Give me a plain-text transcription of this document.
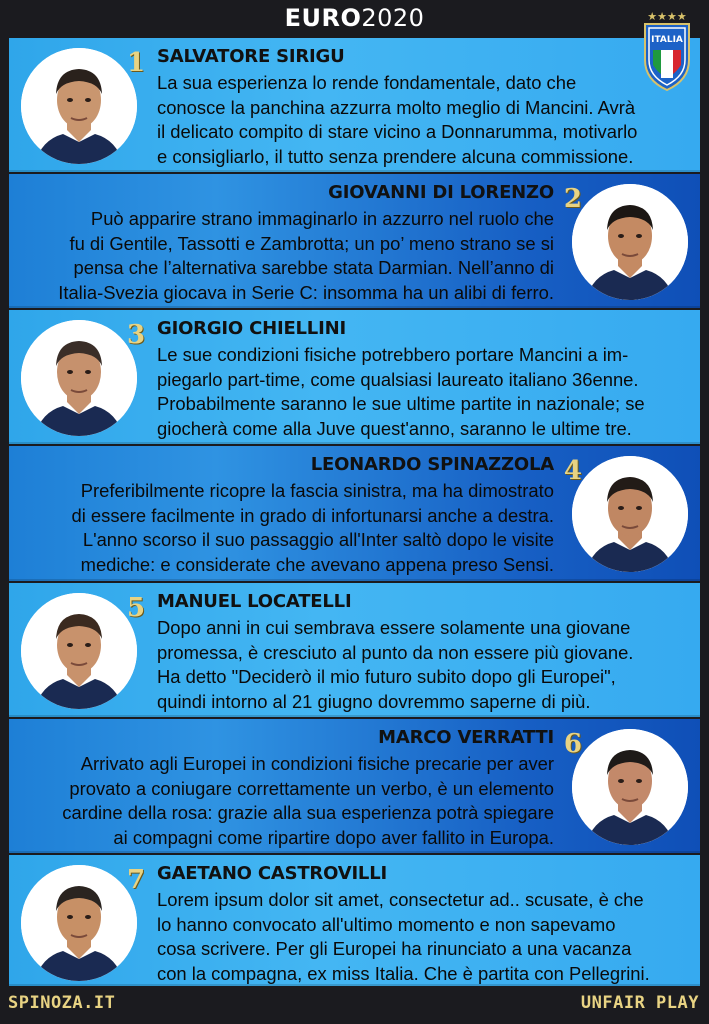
EURO2020	★★★★
ITALIA
1 SALVATORE SIRIGU
La sua esperienza lo rende fondamentale, dato che
conosce la panchina azzurra molto meglio di Mancini. Avrà
il delicato compito di stare vicino a Donnarumma, motivarlo
e consigliarlo, il tutto senza prendere alcuna commissione.
2
GIOVANNI DI LORENZO
Può apparire strano immaginarlo in azzurro nel ruolo che
fu di Gentile, Tassotti e Zambrotta; un po’ meno strano se si
pensa che l’alternativa sarebbe stata Darmian. Nell’anno di
Italia-Svezia giocava in Serie C: insomma ha un alibi di ferro.
3 GIORGIO CHIELLINI
Le sue condizioni fisiche potrebbero portare Mancini a im-
piegarlo part-time, come qualsiasi laureato italiano 36enne.
Probabilmente saranno le sue ultime partite in nazionale; se
giocherà come alla Juve quest'anno, saranno le ultime tre.
4
LEONARDO SPINAZZOLA
Preferibilmente ricopre la fascia sinistra, ma ha dimostrato
di essere facilmente in grado di infortunarsi anche a destra.
L'anno scorso il suo passaggio all'Inter saltò dopo le visite
mediche: e considerate che avevano appena preso Sensi.
5 MANUEL LOCATELLI
Dopo anni in cui sembrava essere solamente una giovane
promessa, è cresciuto al punto da non essere più giovane.
Ha detto "Deciderò il mio futuro subito dopo gli Europei",
quindi intorno al 21 giugno dovremmo saperne di più.
6
MARCO VERRATTI
Arrivato agli Europei in condizioni fisiche precarie per aver
provato a coniugare correttamente un verbo, è un elemento
cardine della rosa: grazie alla sua esperienza potrà spiegare
ai compagni come ripartire dopo aver fallito in Europa.
7 GAETANO CASTROVILLI
Lorem ipsum dolor sit amet, consectetur ad.. scusate, è che
lo hanno convocato all'ultimo momento e non sapevamo
cosa scrivere. Per gli Europei ha rinunciato a una vacanza
con la compagna, ex miss Italia. Che è partita con Pellegrini.
SPINOZA.IT	UNFAIR PLAY
